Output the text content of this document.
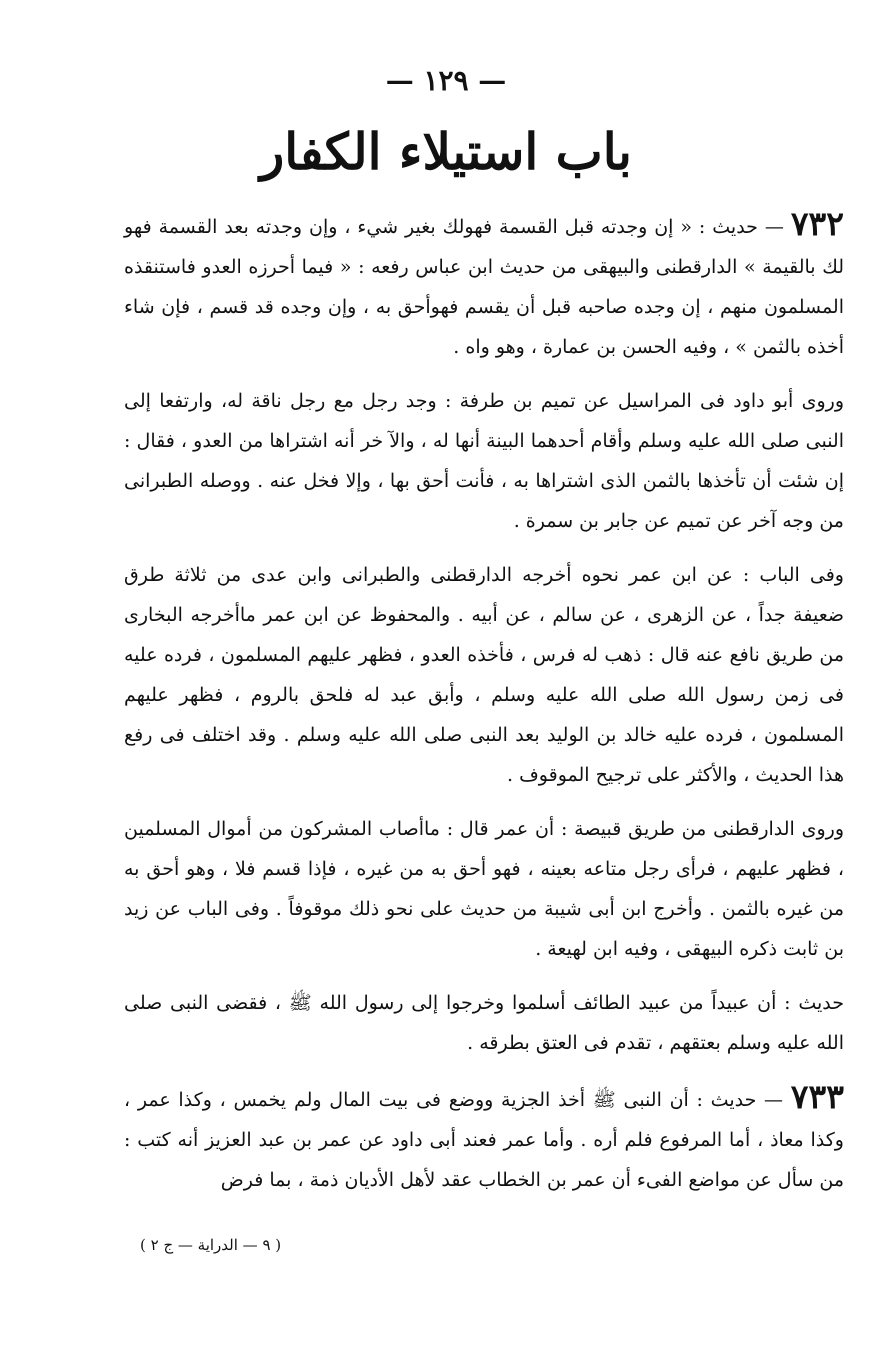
— ١٢٩ —
باب استيلاء الكفار

٧٣٢ — حديث : « إن وجدته قبل القسمة فهولك بغير شيء ، وإن وجدته بعد القسمة فهو لك بالقيمة » الدارقطنى والبيهقى من حديث ابن عباس رفعه : « فيما أحرزه العدو فاستنقذه المسلمون منهم ، إن وجده صاحبه قبل أن يقسم فهوأحق به ، وإن وجده قد قسم ، فإن شاء أخذه بالثمن » ، وفيه الحسن بن عمارة ، وهو واه .

وروى أبو داود فى المراسيل عن تميم بن طرفة : وجد رجل مع رجل ناقة له، وارتفعا إلى النبى صلى الله عليه وسلم وأقام أحدهما البينة أنها له ، والآ خر أنه اشتراها من العدو ، فقال : إن شئت أن تأخذها بالثمن الذى اشتراها به ، فأنت أحق بها ، وإلا فخل عنه . ووصله الطبرانى من وجه آخر عن تميم عن جابر بن سمرة .

وفى الباب : عن ابن عمر نحوه أخرجه الدارقطنى والطبرانى وابن عدى من ثلاثة طرق ضعيفة جداً ، عن الزهرى ، عن سالم ، عن أبيه . والمحفوظ عن ابن عمر ماأخرجه البخارى من طريق نافع عنه قال : ذهب له فرس ، فأخذه العدو ، فظهر عليهم المسلمون ، فرده عليه فى زمن رسول الله صلى الله عليه وسلم ، وأبق عبد له فلحق بالروم ، فظهر عليهم المسلمون ، فرده عليه خالد بن الوليد بعد النبى صلى الله عليه وسلم . وقد اختلف فى رفع هذا الحديث ، والأكثر على ترجيح الموقوف .

وروى الدارقطنى من طريق قبيصة : أن عمر قال : ماأصاب المشركون من أموال المسلمين ، فظهر عليهم ، فرأى رجل متاعه بعينه ، فهو أحق به من غيره ، فإذا قسم فلا ، وهو أحق به من غيره بالثمن . وأخرج ابن أبى شيبة من حديث على نحو ذلك موقوفاً . وفى الباب عن زيد بن ثابت ذكره البيهقى ، وفيه ابن لهيعة .

حديث : أن عبيداً من عبيد الطائف أسلموا وخرجوا إلى رسول الله ﷺ ، فقضى النبى صلى الله عليه وسلم بعتقهم ، تقدم فى العتق بطرقه .

٧٣٣ — حديث : أن النبى ﷺ أخذ الجزية ووضع فى بيت المال ولم يخمس ، وكذا عمر ، وكذا معاذ ، أما المرفوع فلم أره . وأما عمر فعند أبى داود عن عمر بن عبد العزيز أنه كتب : من سأل عن مواضع الفىء أن عمر بن الخطاب عقد لأهل الأديان ذمة ، بما فرض

( ٩ — الدراية — ج ٢ )
